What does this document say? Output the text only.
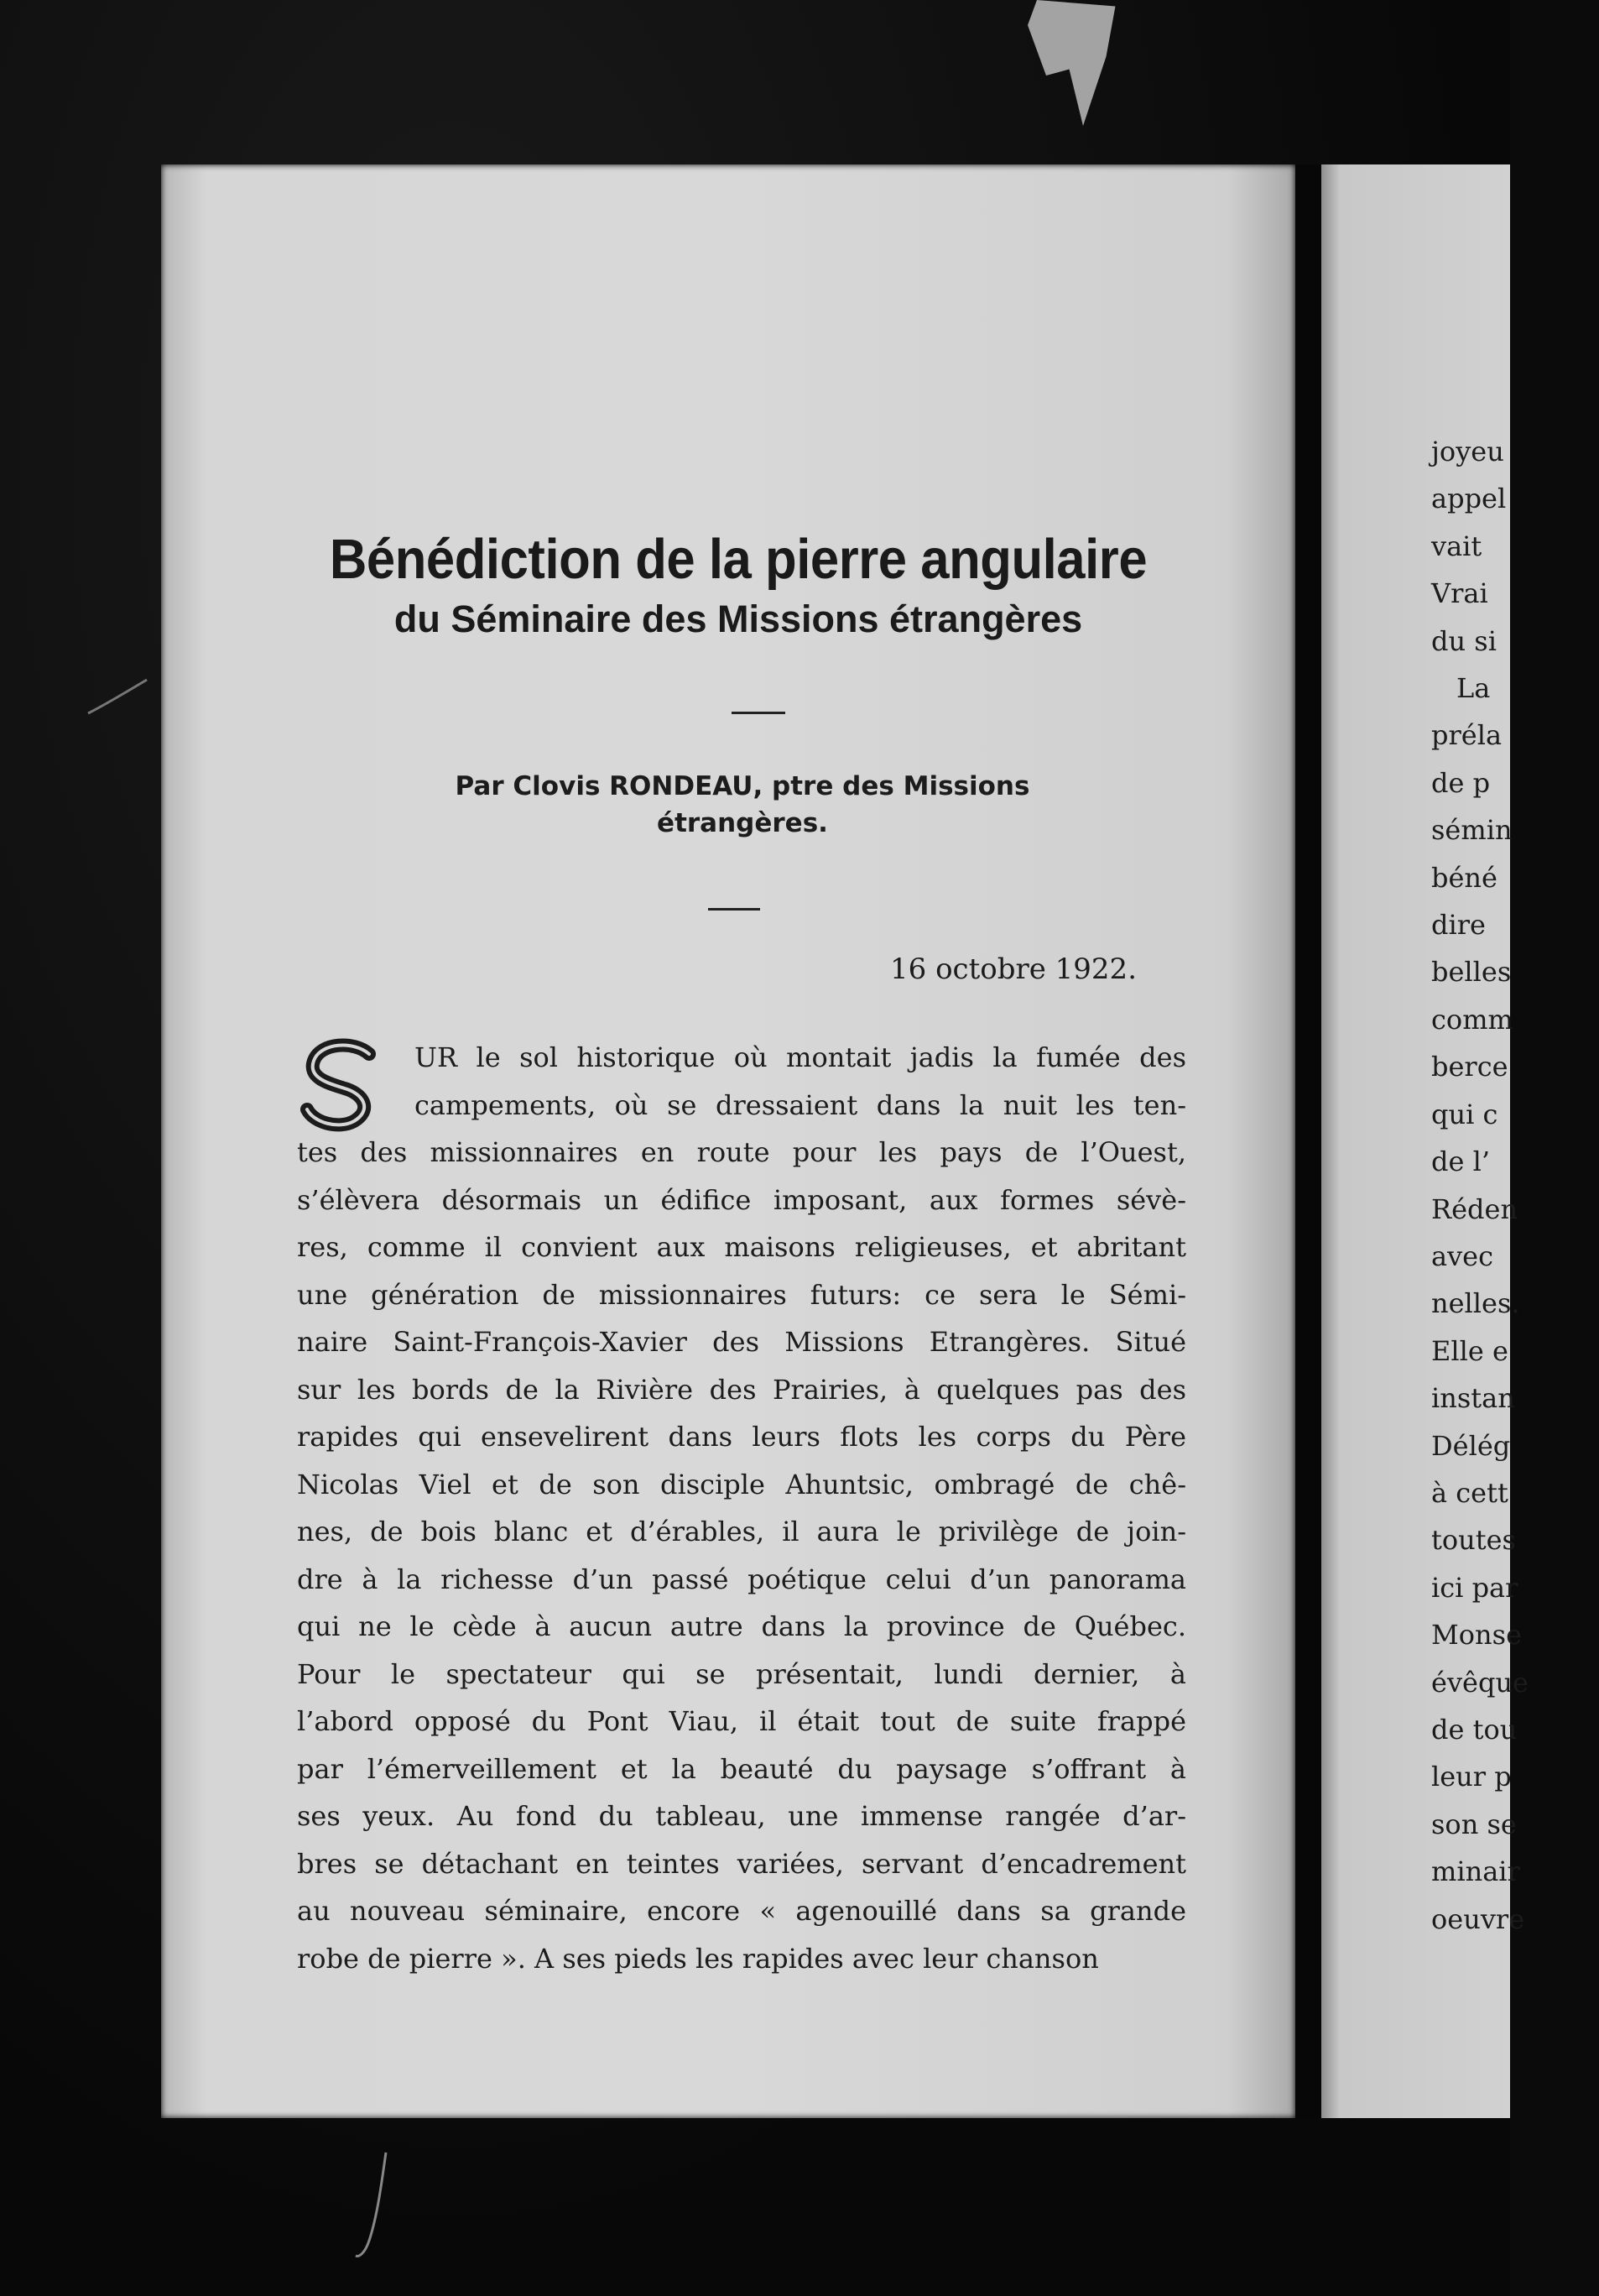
Bénédiction de la pierre angulaire
du Séminaire des Missions étrangères
Par Clovis RONDEAU, ptre des Missions
étrangères.
16 octobre 1922.
S
UR le sol historique où montait jadis la fumée des
campements, où se dressaient dans la nuit les ten-
tes des missionnaires en route pour les pays de l’Ouest,
s’élèvera désormais un édifice imposant, aux formes sévè-
res, comme il convient aux maisons religieuses, et abritant
une génération de missionnaires futurs: ce sera le Sémi-
naire Saint-François-Xavier des Missions Etrangères. Situé
sur les bords de la Rivière des Prairies, à quelques pas des
rapides qui ensevelirent dans leurs flots les corps du Père
Nicolas Viel et de son disciple Ahuntsic, ombragé de chê-
nes, de bois blanc et d’érables, il aura le privilège de join-
dre à la richesse d’un passé poétique celui d’un panorama
qui ne le cède à aucun autre dans la province de Québec.
Pour le spectateur qui se présentait, lundi dernier, à
l’abord opposé du Pont Viau, il était tout de suite frappé
par l’émerveillement et la beauté du paysage s’offrant à
ses yeux. Au fond du tableau, une immense rangée d’ar-
bres se détachant en teintes variées, servant d’encadrement
au nouveau séminaire, encore « agenouillé dans sa grande
robe de pierre ». A ses pieds les rapides avec leur chanson
joyeu
appel
vait
Vrai
du si
La
préla
de p
sémin
béné
dire
belles
comm
berce
qui c
de l’
Réden
avec
nelles.
Elle e
instan
Délég
à cett
toutes
ici par
Monse
évêque
de tou
leur p
son se
minair
oeuvre
